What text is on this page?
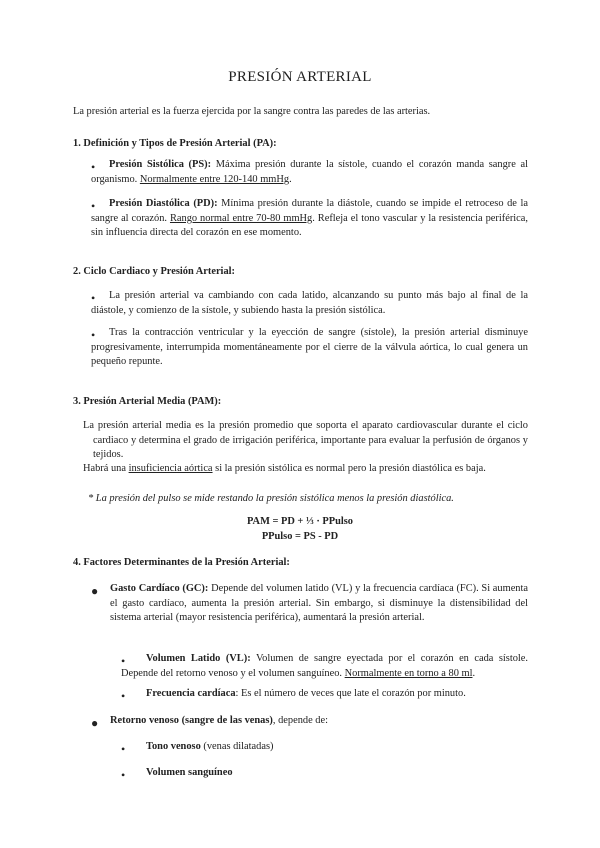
PRESIÓN ARTERIAL
La presión arterial es la fuerza ejercida por la sangre contra las paredes de las arterias.
1. Definición y Tipos de Presión Arterial (PA):
•	Presión Sistólica (PS): Máxima presión durante la sístole, cuando el corazón manda sangre al organismo. Normalmente entre 120-140 mmHg.
•	Presión Diastólica (PD): Mínima presión durante la diástole, cuando se impide el retroceso de la sangre al corazón. Rango normal entre 70-80 mmHg. Refleja el tono vascular y la resistencia periférica, sin influencia directa del corazón en ese momento.
2. Ciclo Cardiaco y Presión Arterial:
•	La presión arterial va cambiando con cada latido, alcanzando su punto más bajo al final de la diástole, y comienzo de la sístole, y subiendo hasta la presión sistólica.
•	Tras la contracción ventricular y la eyección de sangre (sístole), la presión arterial disminuye progresivamente, interrumpida momentáneamente por el cierre de la válvula aórtica, lo cual genera un pequeño repunte.
3. Presión Arterial Media (PAM):
La presión arterial media es la presión promedio que soporta el aparato cardiovascular durante el ciclo cardiaco y determina el grado de irrigación periférica, importante para evaluar la perfusión de órganos y tejidos.
Habrá una insuficiencia aórtica si la presión sistólica es normal pero la presión diastólica es baja.
* La presión del pulso se mide restando la presión sistólica menos la presión diastólica.
PAM = PD + ⅓ · PPulso
PPulso = PS - PD
4. Factores Determinantes de la Presión Arterial:
● Gasto Cardíaco (GC): Depende del volumen latido (VL) y la frecuencia cardíaca (FC). Si aumenta el gasto cardíaco, aumenta la presión arterial. Sin embargo, si disminuye la distensibilidad del sistema arterial (mayor resistencia periférica), aumentará la presión arterial.
•	Volumen Latido (VL): Volumen de sangre eyectada por el corazón en cada sístole. Depende del retorno venoso y el volumen sanguíneo. Normalmente en torno a 80 ml.
• Frecuencia cardíaca: Es el número de veces que late el corazón por minuto.
● Retorno venoso (sangre de las venas), depende de:
• Tono venoso (venas dilatadas)
• Volumen sanguíneo
